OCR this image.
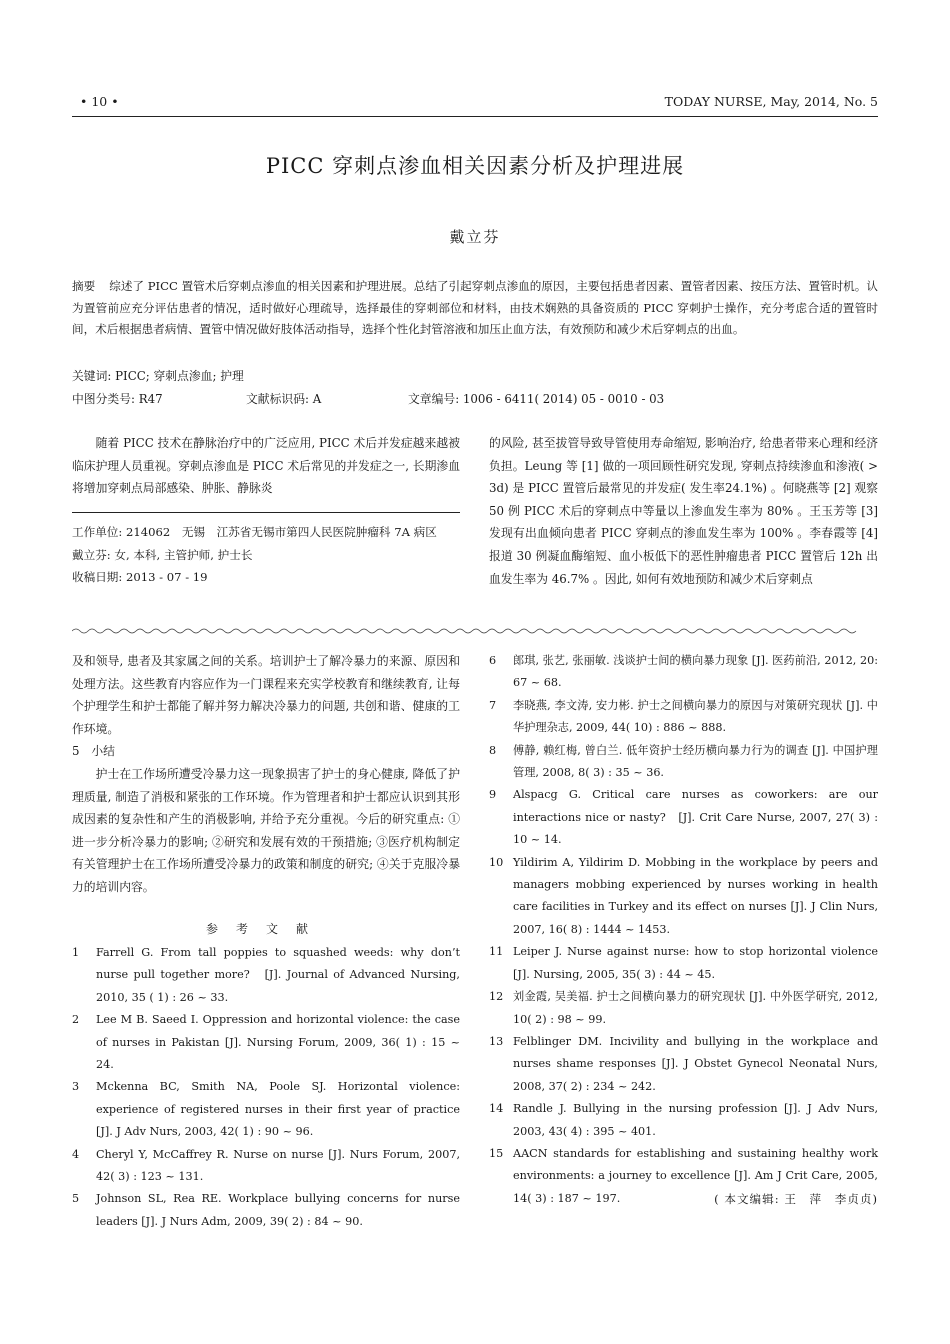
• 10 •	TODAY NURSE, May, 2014, No. 5
PICC 穿刺点渗血相关因素分析及护理进展
戴立芬
摘要 综述了 PICC 置管术后穿刺点渗血的相关因素和护理进展。总结了引起穿刺点渗血的原因，主要包括患者因素、置管者因素、按压方法、置管时机。认为置管前应充分评估患者的情况，适时做好心理疏导，选择最佳的穿刺部位和材料，由技术娴熟的具备资质的 PICC 穿刺护士操作，充分考虑合适的置管时间，术后根据患者病情、置管中情况做好肢体活动指导，选择个性化封管溶液和加压止血方法，有效预防和减少术后穿刺点的出血。
关键词: PICC; 穿刺点渗血; 护理
中图分类号: R47	文献标识码: A	文章编号: 1006 - 6411( 2014) 05 - 0010 - 03

随着 PICC 技术在静脉治疗中的广泛应用, PICC 术后并发症越来越被临床护理人员重视。穿刺点渗血是 PICC 术后常见的并发症之一, 长期渗血将增加穿刺点局部感染、肿胀、静脉炎

工作单位: 214062　无锡　江苏省无锡市第四人民医院肿瘤科 7A 病区
戴立芬: 女, 本科, 主管护师, 护士长
收稿日期: 2013 - 07 - 19

的风险, 甚至拔管导致导管使用寿命缩短, 影响治疗, 给患者带来心理和经济负担。Leung 等 [1] 做的一项回顾性研究发现, 穿刺点持续渗血和渗液( > 3d) 是 PICC 置管后最常见的并发症( 发生率24.1%) 。何晓燕等 [2] 观察 50 例 PICC 术后的穿刺点中等量以上渗血发生率为 80% 。王玉芳等 [3] 发现有出血倾向患者 PICC 穿刺点的渗血发生率为 100% 。李春霞等 [4] 报道 30 例凝血酶缩短、血小板低下的恶性肿瘤患者 PICC 置管后 12h 出血发生率为 46.7% 。因此, 如何有效地预防和减少术后穿刺点

及和领导, 患者及其家属之间的关系。培训护士了解冷暴力的来源、原因和处理方法。这些教育内容应作为一门课程来充实学校教育和继续教育, 让每个护理学生和护士都能了解并努力解决冷暴力的问题, 共创和谐、健康的工作环境。

5　 小结

护士在工作场所遭受冷暴力这一现象损害了护士的身心健康, 降低了护理质量, 制造了消极和紧张的工作环境。作为管理者和护士都应认识到其形成因素的复杂性和产生的消极影响, 并给予充分重视。今后的研究重点: ①进一步分析冷暴力的影响; ②研究和发展有效的干预措施; ③医疗机构制定有关管理护士在工作场所遭受冷暴力的政策和制度的研究; ④关于克服冷暴力的培训内容。

参考文献
1 Farrell G. From tall poppies to squashed weeds: why don’t nurse pull together more?　[J]. Journal of Advanced Nursing, 2010, 35 ( 1) : 26 ~ 33.
2 Lee M B. Saeed I. Oppression and horizontal violence: the case of nurses in Pakistan [J]. Nursing Forum, 2009, 36( 1) : 15 ~ 24.
3 Mckenna BC, Smith NA, Poole SJ. Horizontal violence: experience of registered nurses in their first year of practice [J]. J Adv Nurs, 2003, 42( 1) : 90 ~ 96.
4 Cheryl Y, McCaffrey R. Nurse on nurse [J]. Nurs Forum, 2007, 42( 3) : 123 ~ 131.
5 Johnson SL, Rea RE. Workplace bullying concerns for nurse leaders [J]. J Nurs Adm, 2009, 39( 2) : 84 ~ 90.
6 郎琪, 张艺, 张丽敏. 浅谈护士间的横向暴力现象 [J]. 医药前沿, 2012, 20: 67 ~ 68.
7 李晓燕, 李文涛, 安力彬. 护士之间横向暴力的原因与对策研究现状 [J]. 中华护理杂志, 2009, 44( 10) : 886 ~ 888.
8 傅静, 赖红梅, 曾白兰. 低年资护士经历横向暴力行为的调查 [J]. 中国护理管理, 2008, 8( 3) : 35 ~ 36.
9 Alspacg G. Critical care nurses as coworkers: are our interactions nice or nasty?　[J]. Crit Care Nurse, 2007, 27( 3) : 10 ~ 14.
10 Yildirim A, Yildirim D. Mobbing in the workplace by peers and managers mobbing experienced by nurses working in health care facilities in Turkey and its effect on nurses [J]. J Clin Nurs, 2007, 16( 8) : 1444 ~ 1453.
11 Leiper J. Nurse against nurse: how to stop horizontal violence [J]. Nursing, 2005, 35( 3) : 44 ~ 45.
12 刘金霞, 吴美福. 护士之间横向暴力的研究现状 [J]. 中外医学研究, 2012, 10( 2) : 98 ~ 99.
13 Felblinger DM. Incivility and bullying in the workplace and nurses shame responses [J]. J Obstet Gynecol Neonatal Nurs, 2008, 37( 2) : 234 ~ 242.
14 Randle J. Bullying in the nursing profession [J]. J Adv Nurs, 2003, 43( 4) : 395 ~ 401.
15 AACN standards for establishing and sustaining healthy work environments: a journey to excellence [J]. Am J Crit Care, 2005, 14( 3) : 187 ~ 197.	( 本文编辑: 王　萍　李贞贞)
